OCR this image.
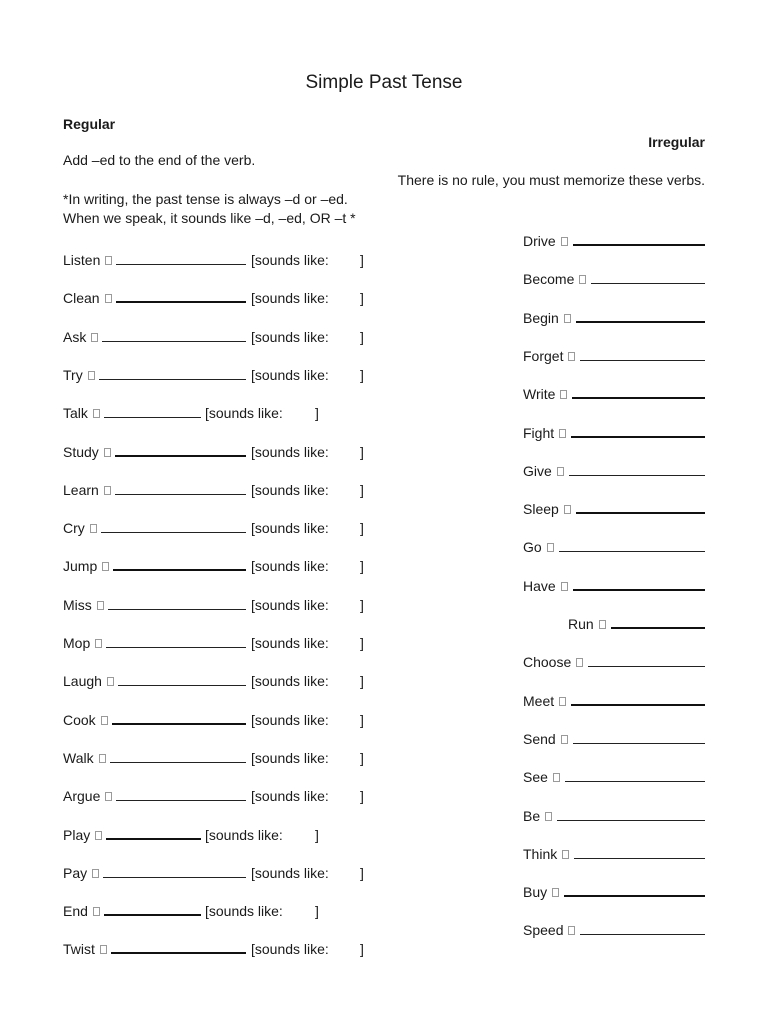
Simple Past Tense
Regular
Irregular
Add –ed to the end of the verb.
There is no rule, you must memorize these verbs.
*In writing, the past tense is always –d or –ed.
When we speak, it sounds like –d, –ed, OR –t *
Listen	[sounds like: ]
Clean	[sounds like: ]
Ask	[sounds like: ]
Try	[sounds like: ]
Talk	[sounds like: ]
Study	[sounds like: ]
Learn	[sounds like: ]
Cry	[sounds like: ]
Jump	[sounds like: ]
Miss	[sounds like: ]
Mop	[sounds like: ]
Laugh	[sounds like: ]
Cook	[sounds like: ]
Walk	[sounds like: ]
Argue	[sounds like: ]
Play	[sounds like: ]
Pay	[sounds like: ]
End	[sounds like: ]
Twist	[sounds like: ]
Drive
Become
Begin
Forget
Write
Fight
Give
Sleep
Go
Have
Run
Choose
Meet
Send
See
Be
Think
Buy
Speed
